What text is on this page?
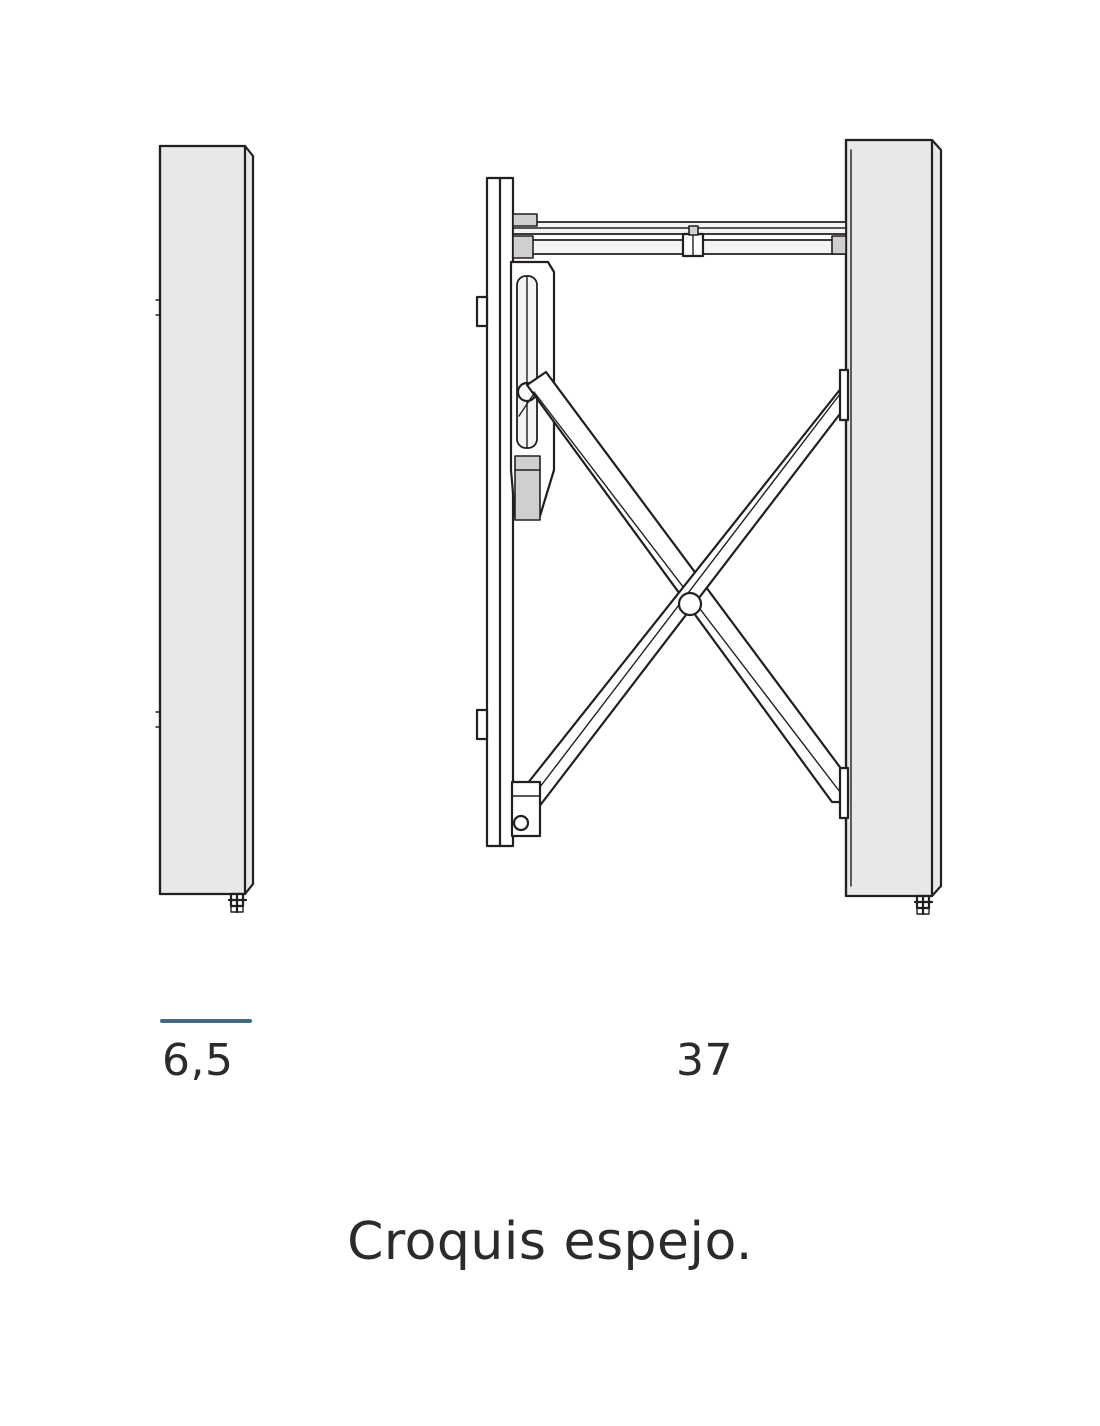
6,5	37
Croquis espejo.
